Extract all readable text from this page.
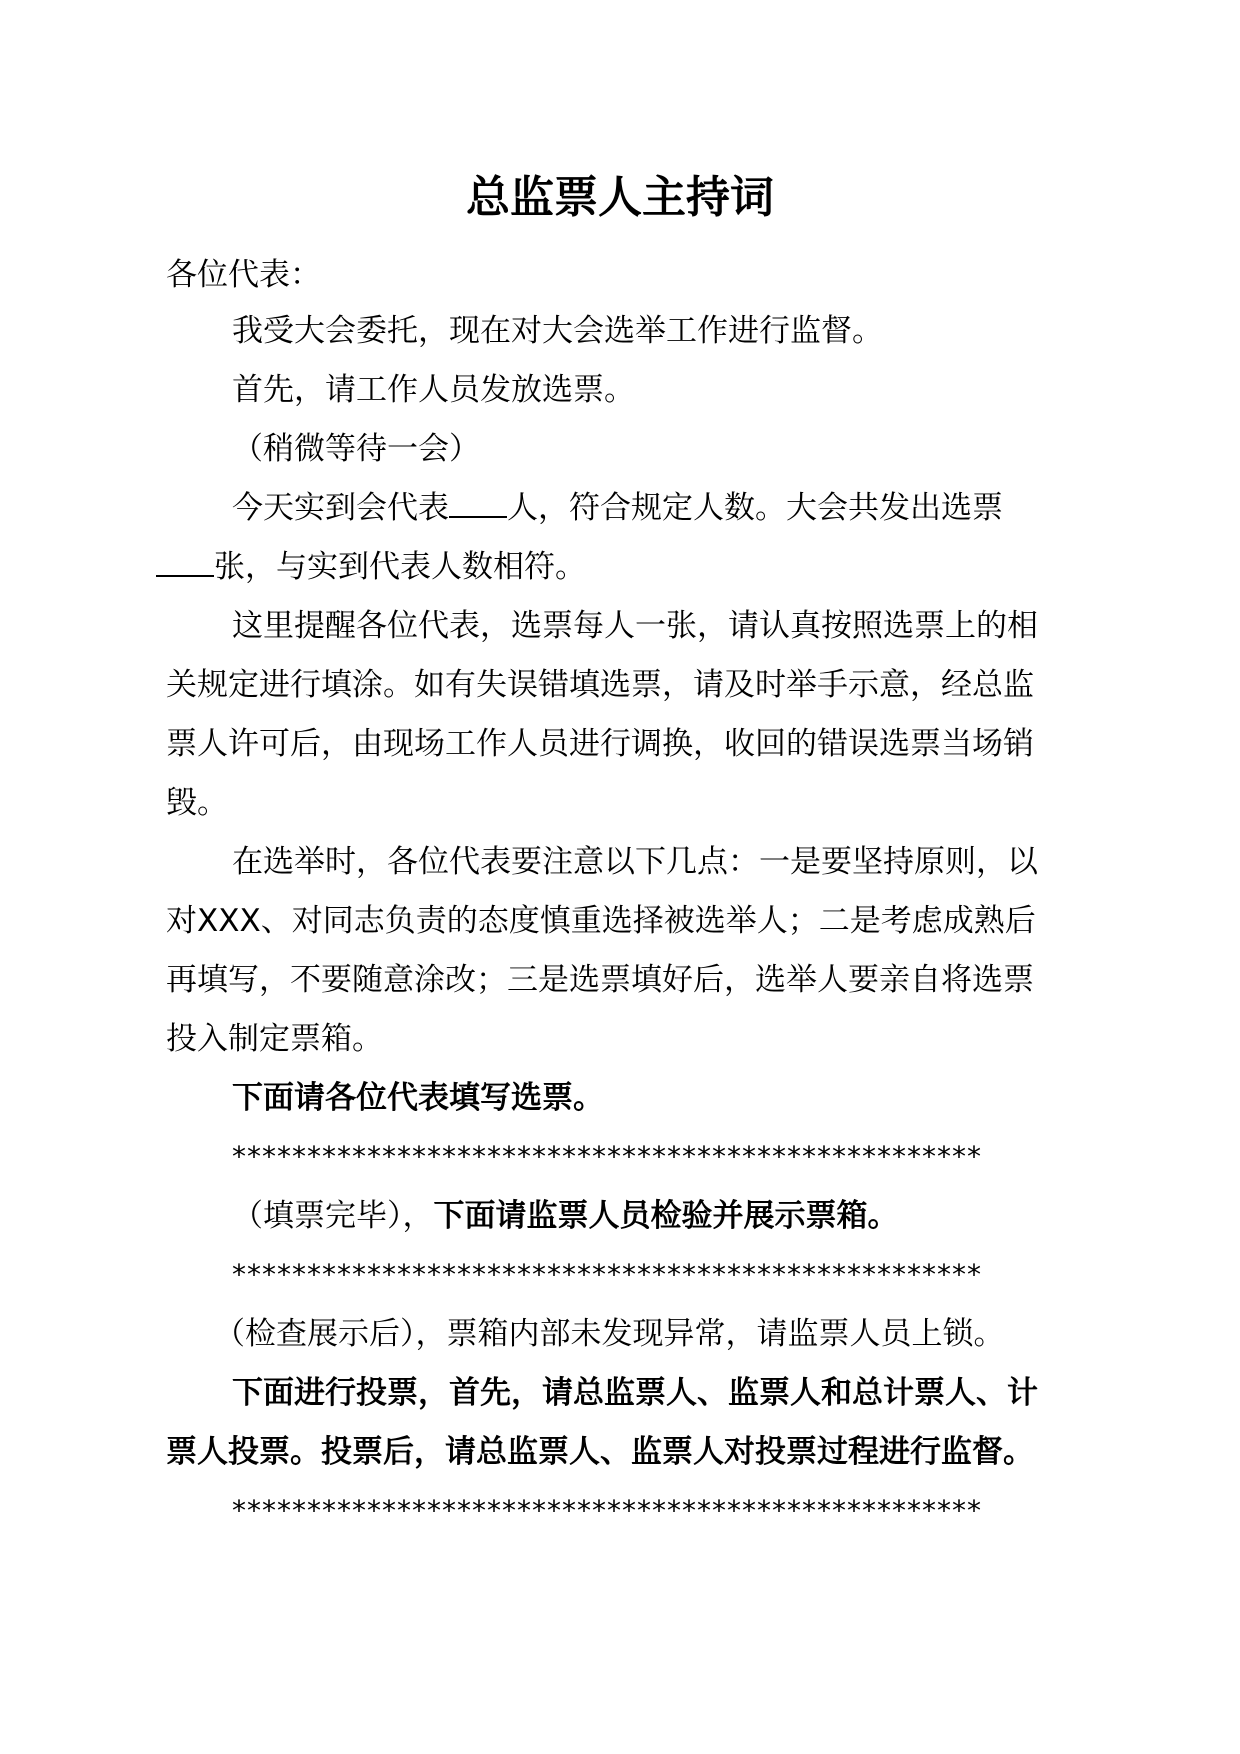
总监票人主持词
各位代表：
我受大会委托，现在对大会选举工作进行监督。
首先，请工作人员发放选票。
（稍微等待一会）
今天实到会代表 人，符合规定人数。大会共发出选票
张，与实到代表人数相符。
这里提醒各位代表，选票每人一张，请认真按照选票上的相
关规定进行填涂。如有失误错填选票，请及时举手示意，经总监
票人许可后，由现场工作人员进行调换，收回的错误选票当场销
毁。
在选举时，各位代表要注意以下几点：一是要坚持原则，以
对XXX、对同志负责的态度慎重选择被选举人；二是考虑成熟后
再填写，不要随意涂改；三是选票填好后，选举人要亲自将选票
投入制定票箱。
下面请各位代表填写选票。
**************************************************
（填票完毕），下面请监票人员检验并展示票箱。
**************************************************
（检查展示后），票箱内部未发现异常，请监票人员上锁。
下面进行投票，首先，请总监票人、监票人和总计票人、计
票人投票。投票后，请总监票人、监票人对投票过程进行监督。
**************************************************
